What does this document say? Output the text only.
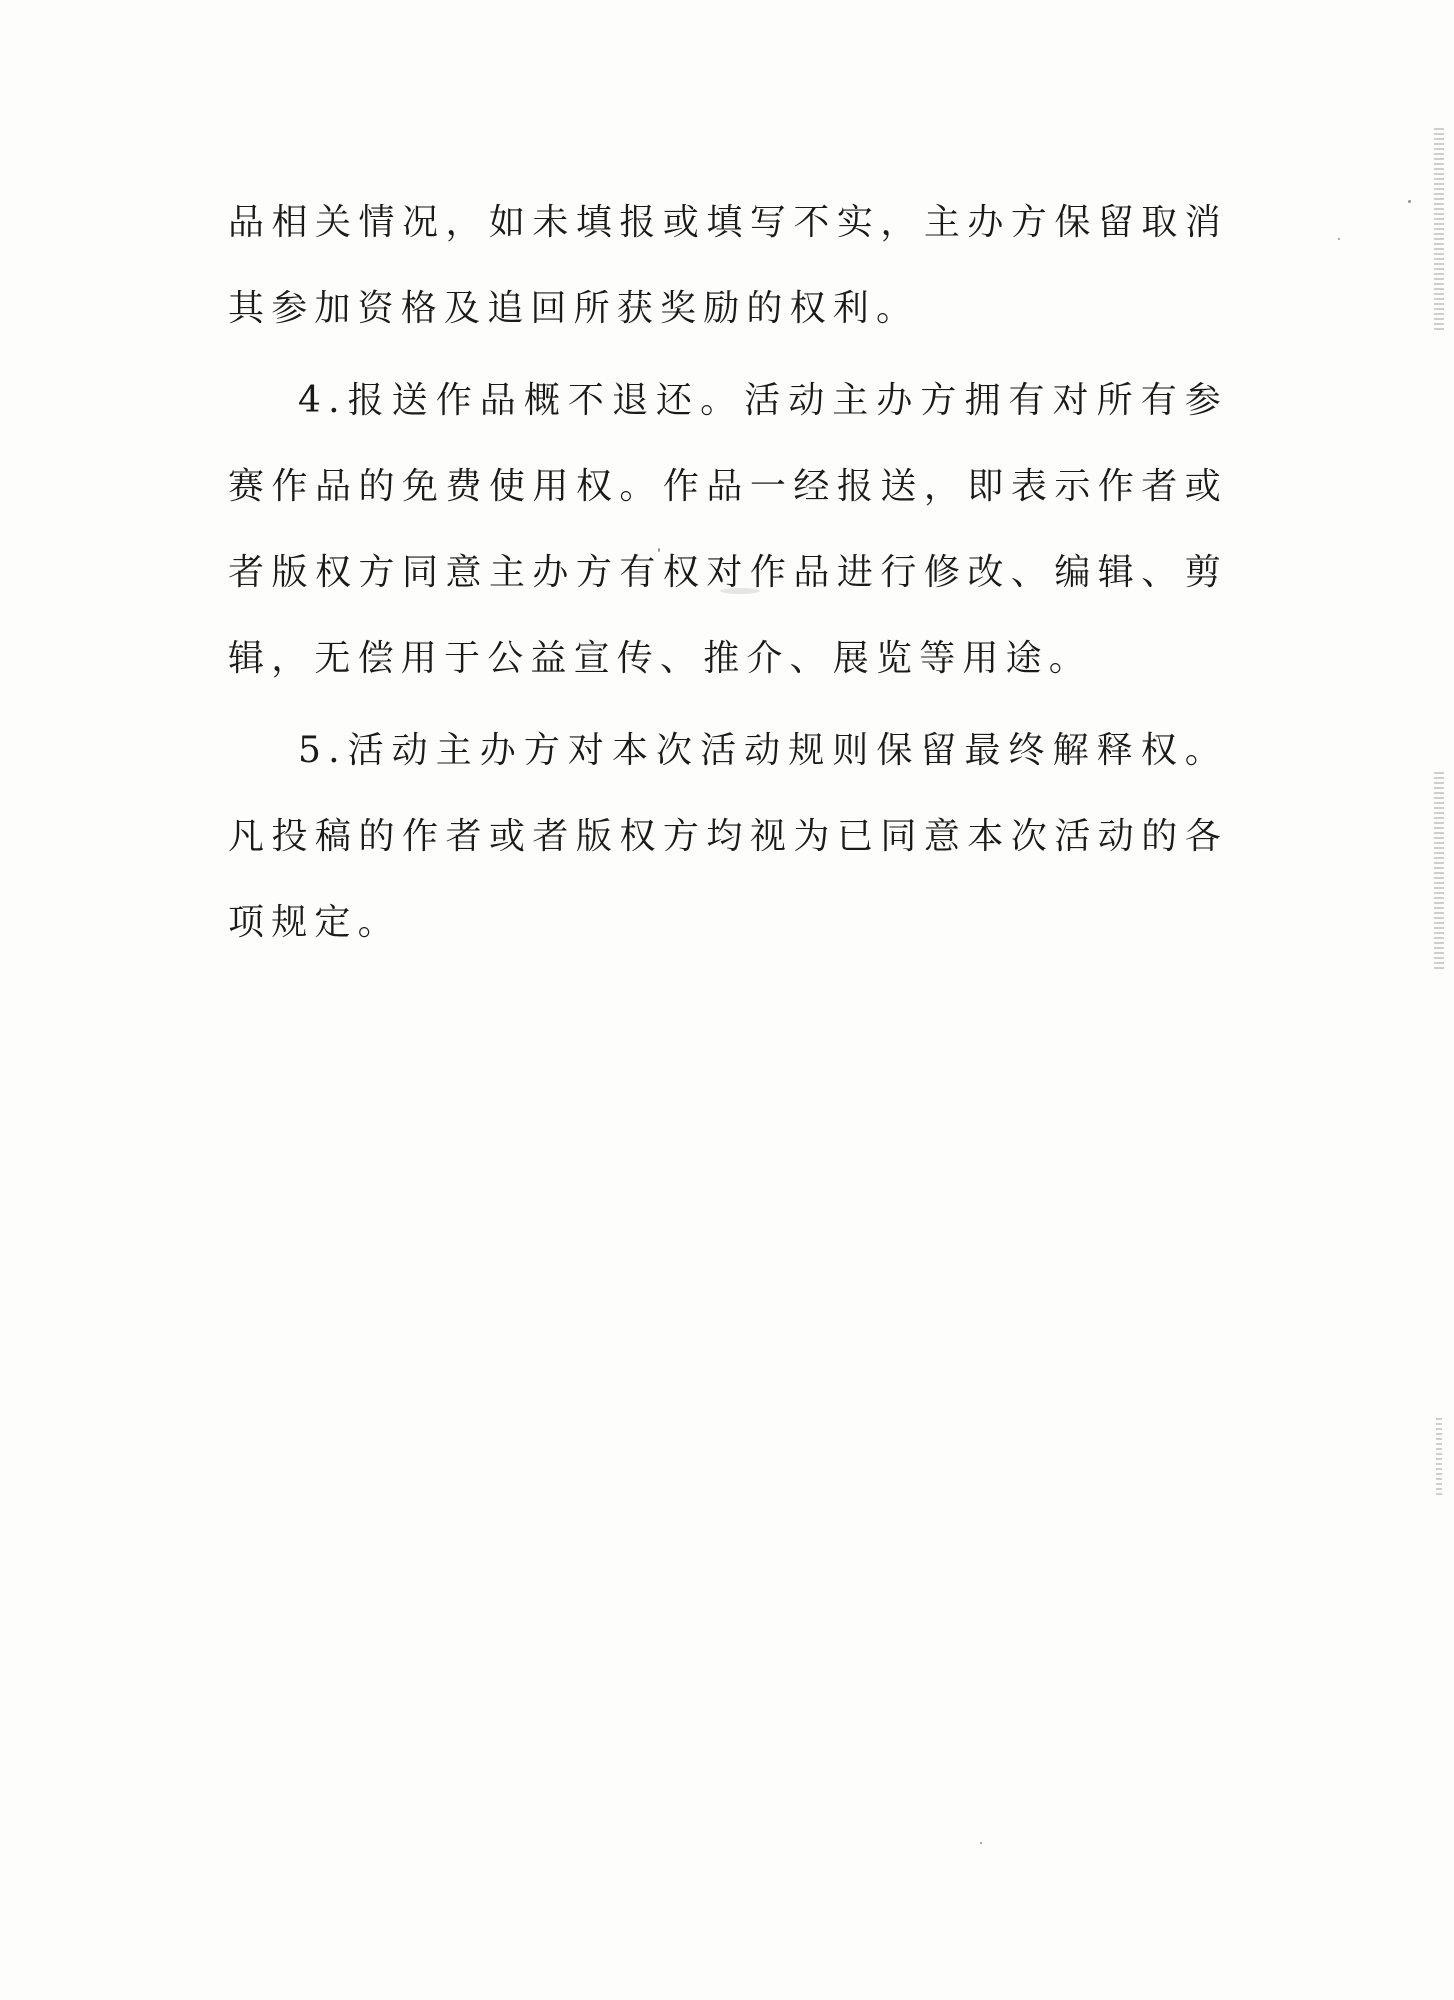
品相关情况，如未填报或填写不实，主办方保留取消其参加资格及追回所获奖励的权利。

4.报送作品概不退还。活动主办方拥有对所有参赛作品的免费使用权。作品一经报送，即表示作者或者版权方同意主办方有权对作品进行修改、编辑、剪辑，无偿用于公益宣传、推介、展览等用途。

5.活动主办方对本次活动规则保留最终解释权。凡投稿的作者或者版权方均视为已同意本次活动的各项规定。
